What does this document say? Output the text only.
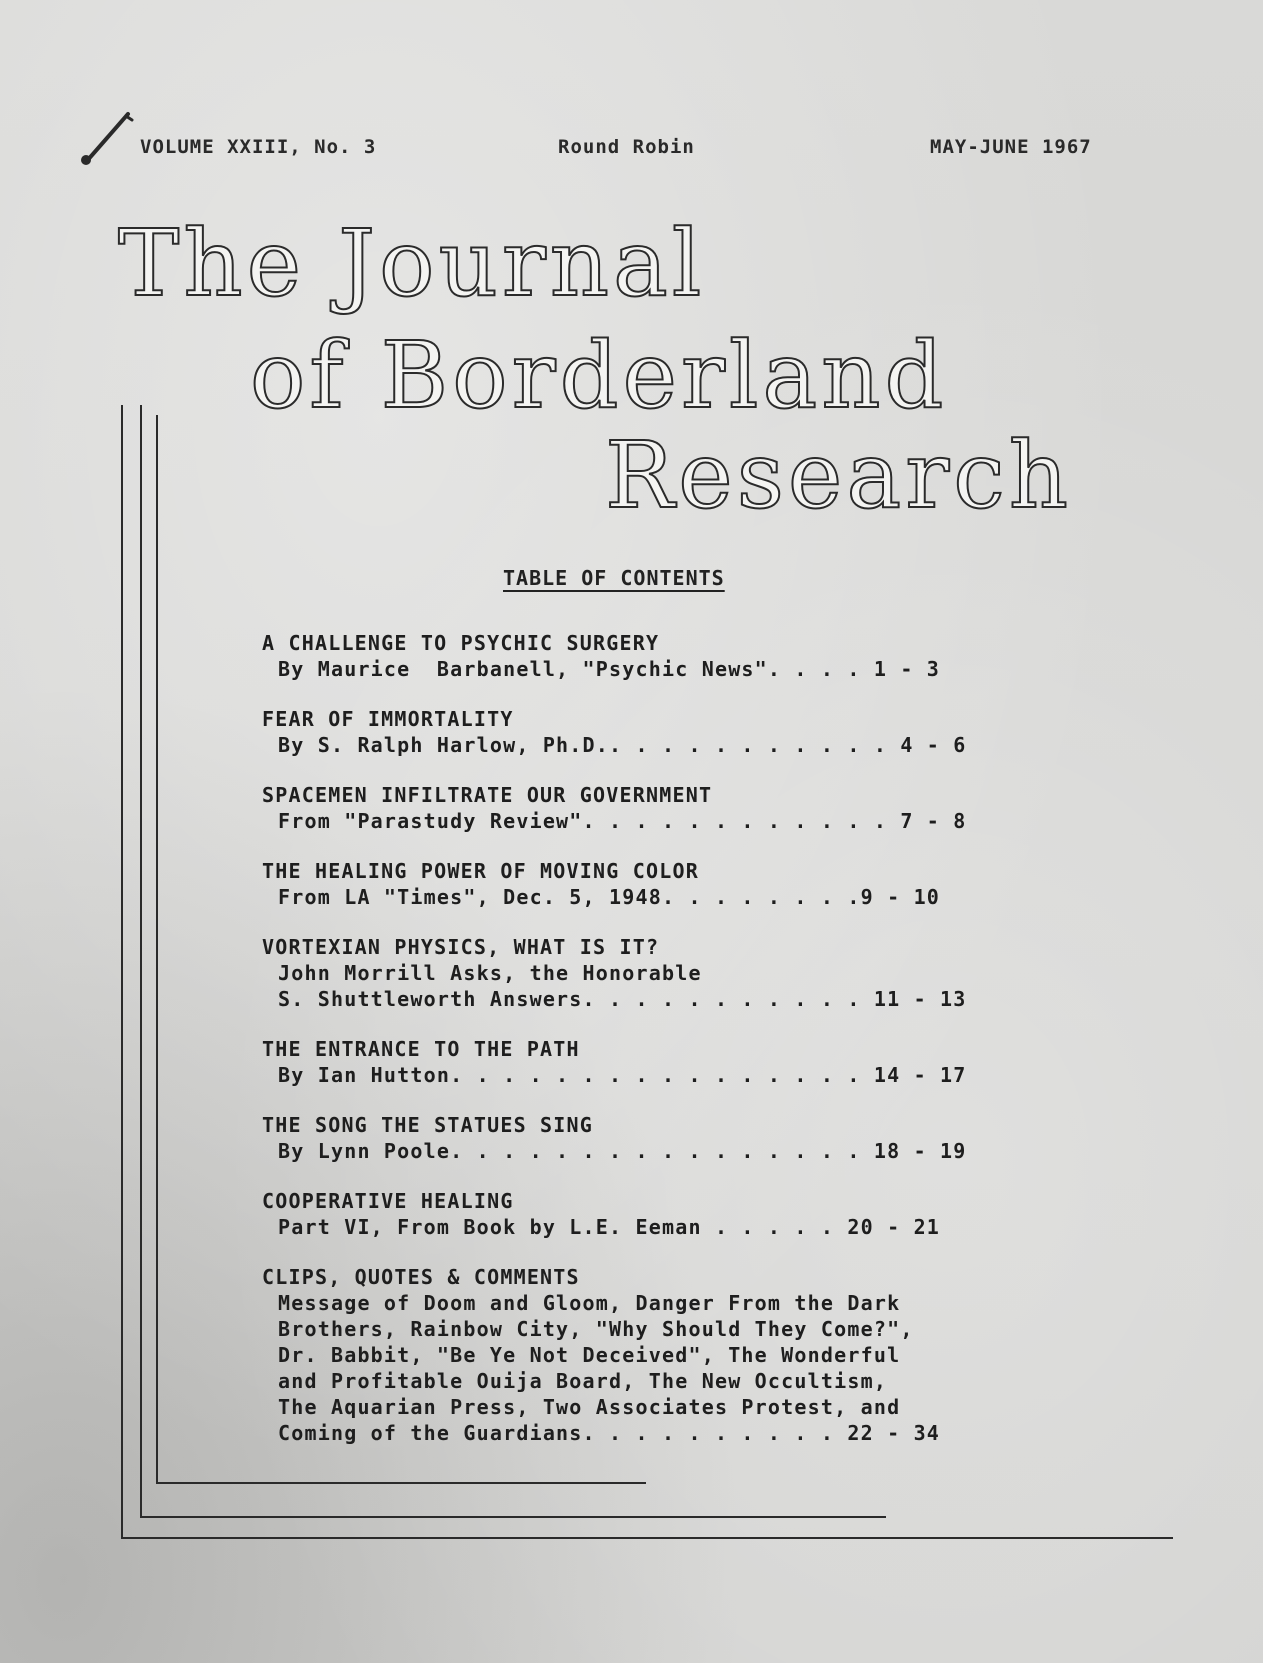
VOLUME XXIII, No. 3	Round Robin	MAY-JUNE 1967
The Journal
of Borderland
Research
TABLE OF CONTENTS
A CHALLENGE TO PSYCHIC SURGERY
By Maurice  Barbanell, "Psychic News". . . . 1 - 3
FEAR OF IMMORTALITY
By S. Ralph Harlow, Ph.D.. . . . . . . . . . . 4 - 6
SPACEMEN INFILTRATE OUR GOVERNMENT
From "Parastudy Review". . . . . . . . . . . . 7 - 8
THE HEALING POWER OF MOVING COLOR
From LA "Times", Dec. 5, 1948. . . . . . . .9 - 10
VORTEXIAN PHYSICS, WHAT IS IT?
John Morrill Asks, the Honorable
S. Shuttleworth Answers. . . . . . . . . . . 11 - 13
THE ENTRANCE TO THE PATH
By Ian Hutton. . . . . . . . . . . . . . . . 14 - 17
THE SONG THE STATUES SING
By Lynn Poole. . . . . . . . . . . . . . . . 18 - 19
COOPERATIVE HEALING
Part VI, From Book by L.E. Eeman . . . . . 20 - 21
CLIPS, QUOTES & COMMENTS
Message of Doom and Gloom, Danger From the Dark
Brothers, Rainbow City, "Why Should They Come?",
Dr. Babbit, "Be Ye Not Deceived", The Wonderful
and Profitable Ouija Board, The New Occultism,
The Aquarian Press, Two Associates Protest, and
Coming of the Guardians. . . . . . . . . . 22 - 34
